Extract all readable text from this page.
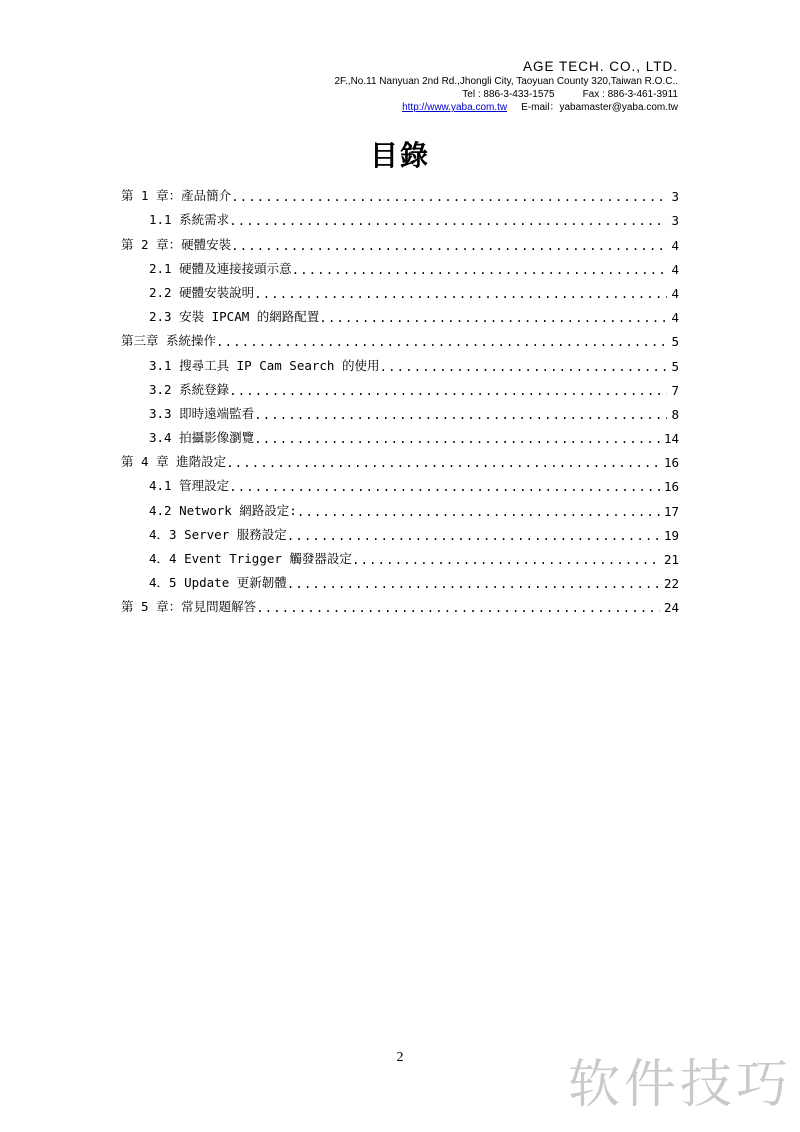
AGE TECH. CO., LTD.
2F.,No.11 Nanyuan 2nd Rd.,Jhongli City, Taoyuan County 320,Taiwan R.O.C..
Tel : 886-3-433-1575	Fax : 886-3-461-3911
http://www.yaba.com.tw E-mail：yabamaster@yaba.com.tw
目錄
第 1 章：產品簡介 .....	3
1.1 系統需求 .....	3
第 2 章：硬體安裝 .....	4
2.1 硬體及連接接頭示意 .....	4
2.2 硬體安裝說明 .....	4
2.3 安裝 IPCAM 的網路配置 .....	4
第三章 系統操作 .....	5
3.1 搜尋工具 IP Cam Search 的使用 .....	5
3.2 系統登錄 .....	7
3.3 即時遠端監看 .....	8
3.4 拍攝影像瀏覽 .....	14
第 4 章 進階設定 .....	16
4.1 管理設定 .....	16
4.2 Network 網路設定: .....	17
4．3 Server 服務設定 .....	19
4．4 Event Trigger 觸發器設定 .....	21
4．5 Update 更新韌體 .....	22
第 5 章：常見問題解答 .....	24
2	软件技巧
